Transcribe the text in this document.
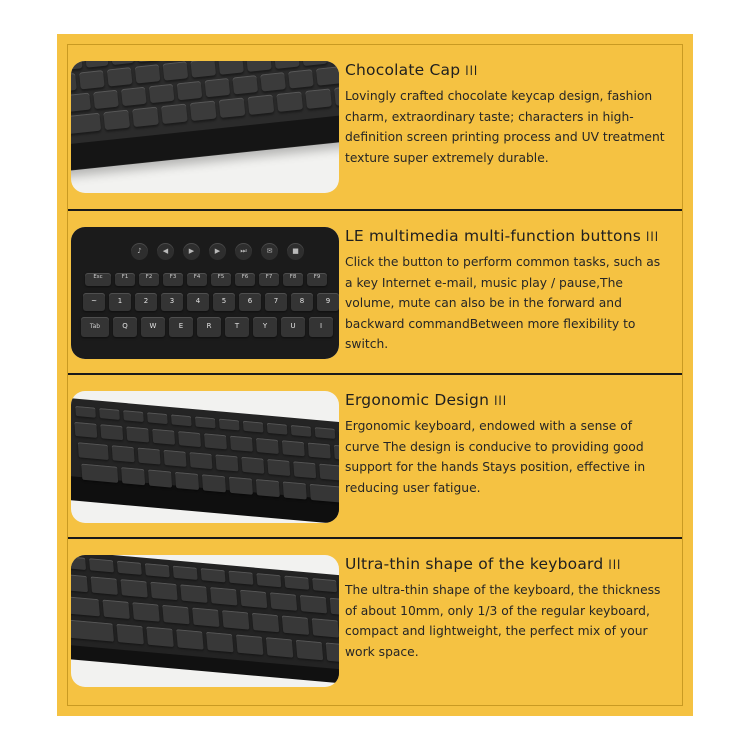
Chocolate Cap lll

Lovingly crafted chocolate keycap design, fashion charm, extraordinary taste; characters in high-definition screen printing process and UV treatment texture super extremely durable.

♪	◀	▶	▶	⏭	✉	■
Esc	F1	F2	F3	F4	F5	F6	F7	F8	F9
~	1	2	3	4	5	6	7	8	9
Tab	Q	W	E	R	T	Y	U	I
LE multimedia multi-function buttons lll

Click the button to perform common tasks, such as a key Internet e-mail, music play / pause,The volume, mute can also be in the forward and backward commandBetween more flexibility to switch.

Ergonomic Design lll

Ergonomic keyboard, endowed with a sense of curve The design is conducive to providing good support for the hands Stays position, effective in reducing user fatigue.

Ultra-thin shape of the keyboard lll

The ultra-thin shape of the keyboard, the thickness of about 10mm, only 1/3 of the regular keyboard, compact and lightweight, the perfect mix of your work space.
